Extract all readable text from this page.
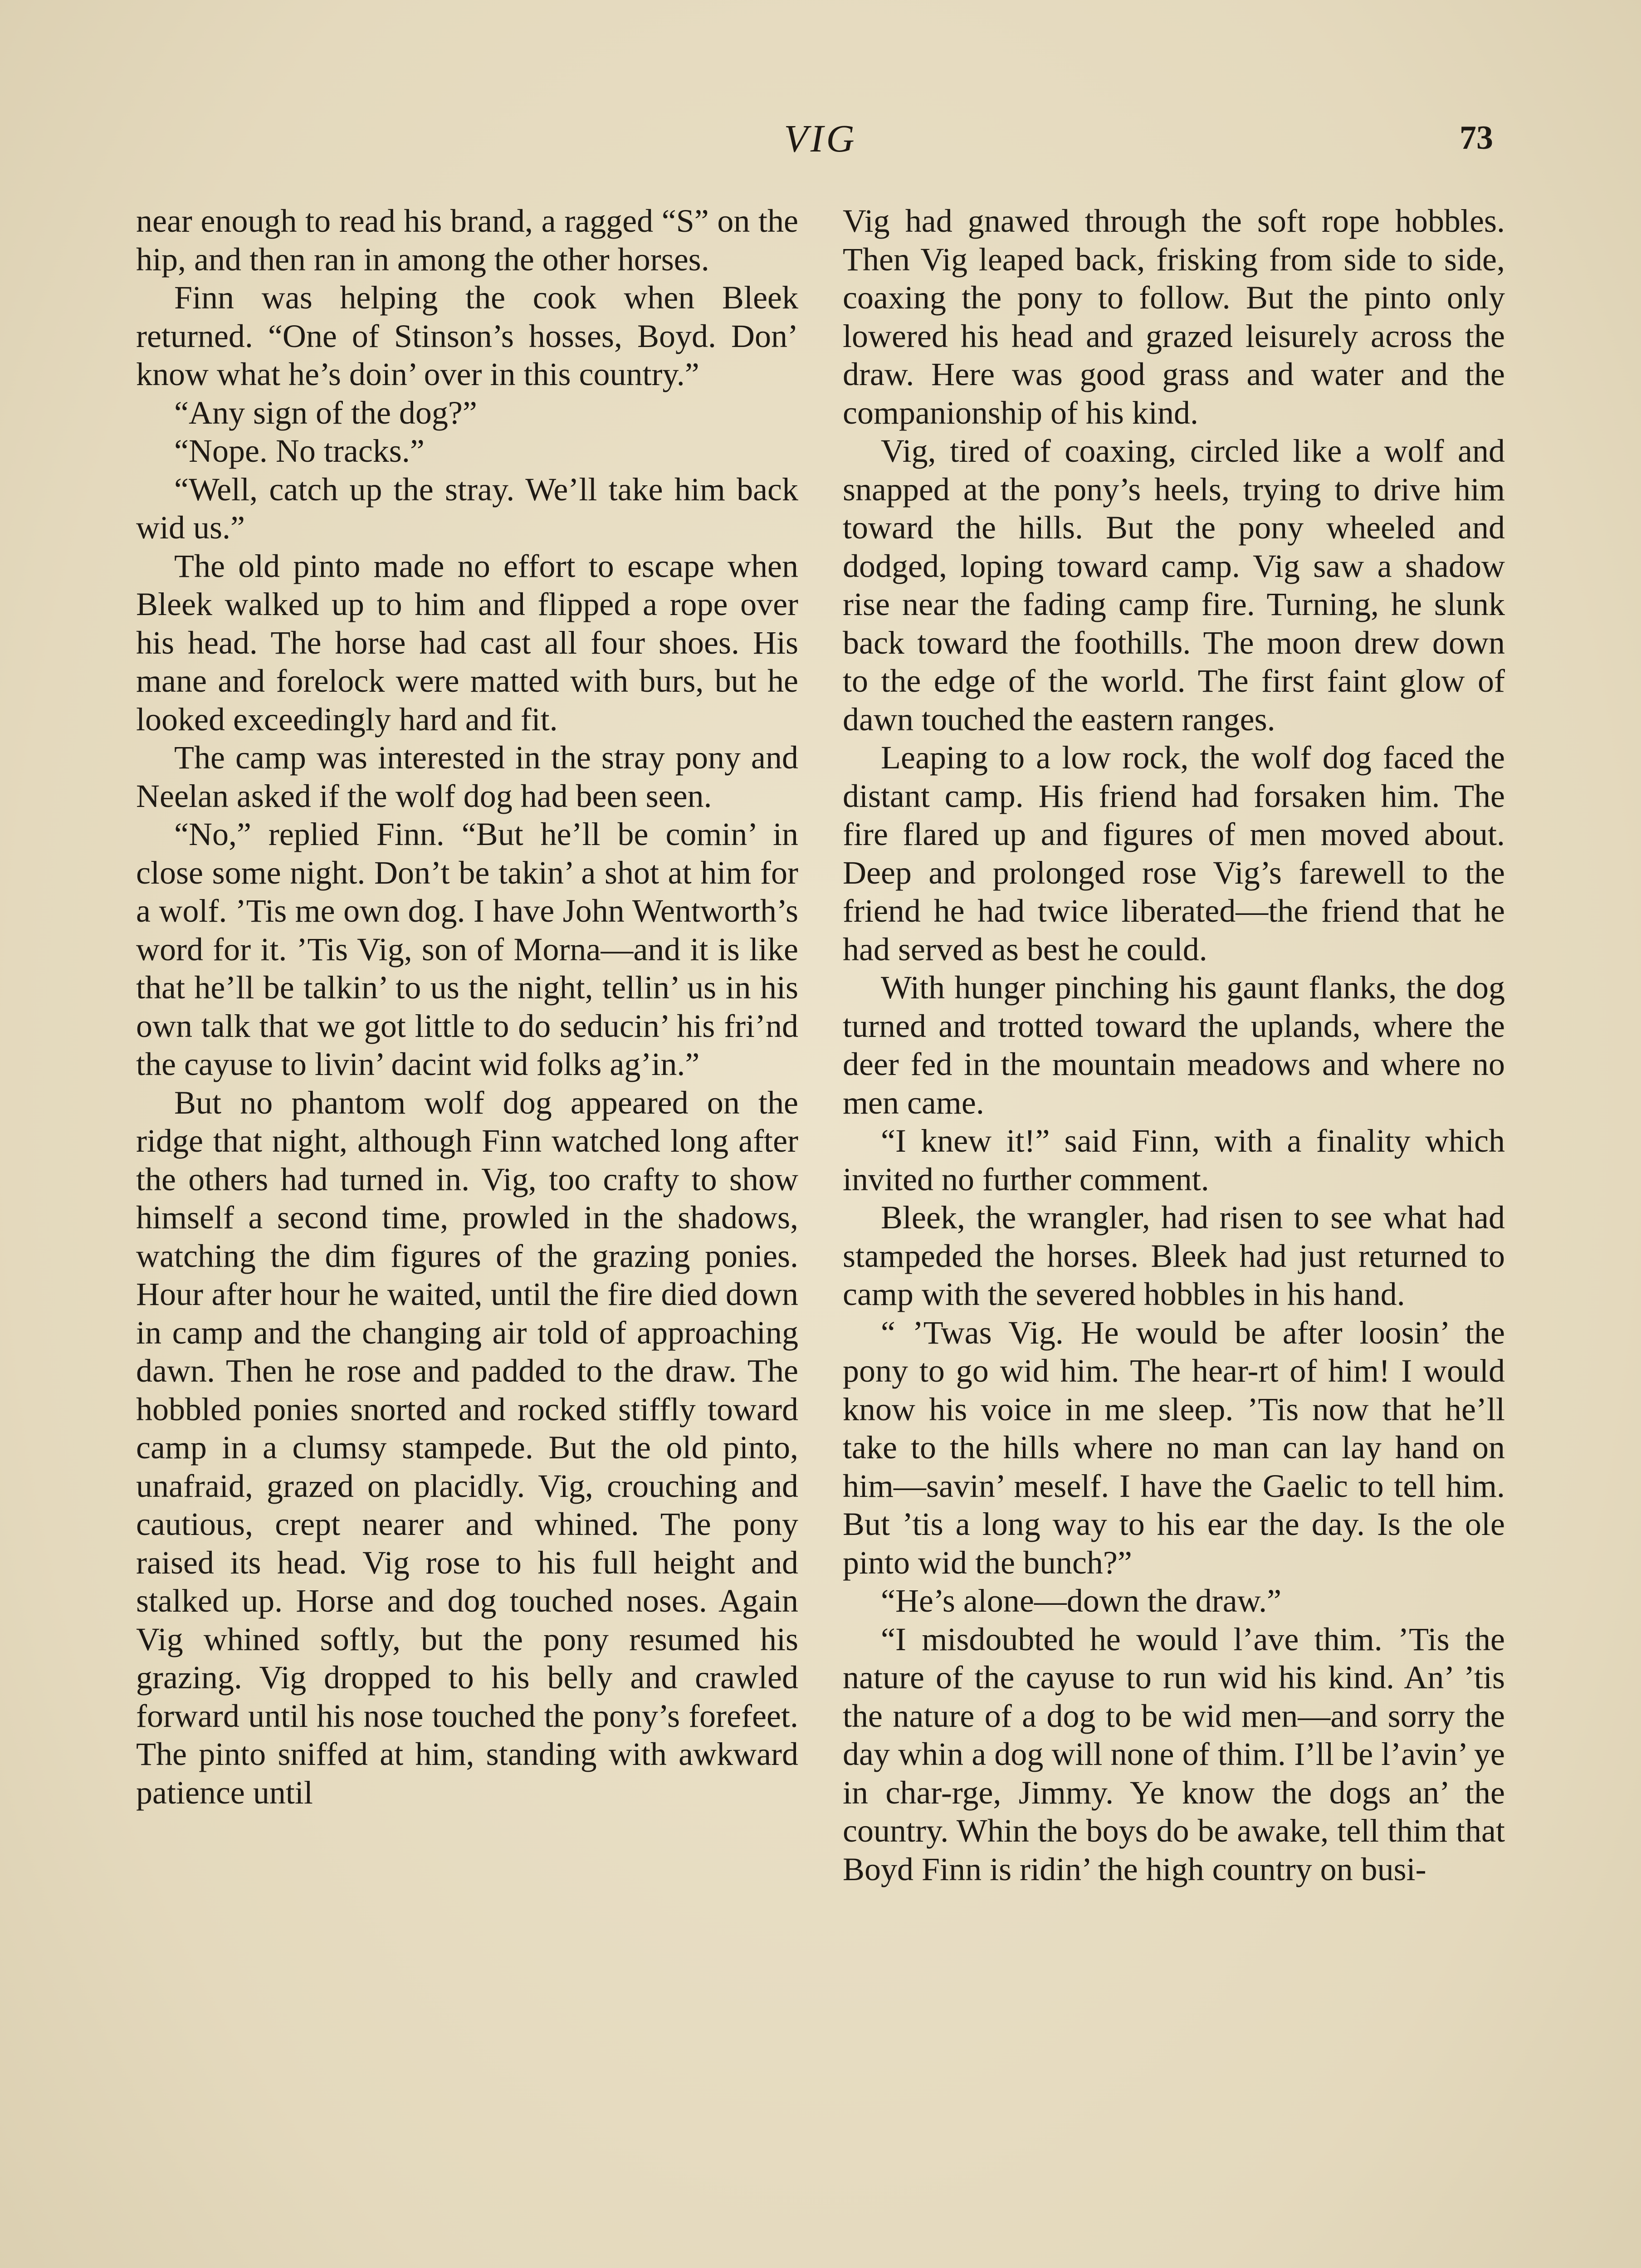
VIG	73

near enough to read his brand, a ragged “S” on the hip, and then ran in among the other horses.

Finn was helping the cook when Bleek returned. “One of Stinson’s hosses, Boyd. Don’ know what he’s doin’ over in this country.”

“Any sign of the dog?”

“Nope. No tracks.”

“Well, catch up the stray. We’ll take him back wid us.”

The old pinto made no effort to escape when Bleek walked up to him and flipped a rope over his head. The horse had cast all four shoes. His mane and forelock were matted with burs, but he looked exceedingly hard and fit.

The camp was interested in the stray pony and Neelan asked if the wolf dog had been seen.

“No,” replied Finn. “But he’ll be comin’ in close some night. Don’t be takin’ a shot at him for a wolf. ’Tis me own dog. I have John Wentworth’s word for it. ’Tis Vig, son of Morna—and it is like that he’ll be talkin’ to us the night, tellin’ us in his own talk that we got little to do seducin’ his fri’nd the cayuse to livin’ dacint wid folks ag’in.”

But no phantom wolf dog appeared on the ridge that night, although Finn watched long after the others had turned in. Vig, too crafty to show himself a second time, prowled in the shadows, watching the dim figures of the grazing ponies. Hour after hour he waited, until the fire died down in camp and the changing air told of approaching dawn. Then he rose and padded to the draw. The hobbled ponies snorted and rocked stiffly toward camp in a clumsy stampede. But the old pinto, unafraid, grazed on placidly. Vig, crouching and cautious, crept nearer and whined. The pony raised its head. Vig rose to his full height and stalked up. Horse and dog touched noses. Again Vig whined softly, but the pony resumed his grazing. Vig dropped to his belly and crawled forward until his nose touched the pony’s forefeet. The pinto sniffed at him, standing with awkward patience until

Vig had gnawed through the soft rope hobbles. Then Vig leaped back, frisking from side to side, coaxing the pony to follow. But the pinto only lowered his head and grazed leisurely across the draw. Here was good grass and water and the companionship of his kind.

Vig, tired of coaxing, circled like a wolf and snapped at the pony’s heels, trying to drive him toward the hills. But the pony wheeled and dodged, loping toward camp. Vig saw a shadow rise near the fading camp fire. Turning, he slunk back toward the foothills. The moon drew down to the edge of the world. The first faint glow of dawn touched the eastern ranges.

Leaping to a low rock, the wolf dog faced the distant camp. His friend had forsaken him. The fire flared up and figures of men moved about. Deep and prolonged rose Vig’s farewell to the friend he had twice liberated—the friend that he had served as best he could.

With hunger pinching his gaunt flanks, the dog turned and trotted toward the uplands, where the deer fed in the mountain meadows and where no men came.

“I knew it!” said Finn, with a finality which invited no further comment.

Bleek, the wrangler, had risen to see what had stampeded the horses. Bleek had just returned to camp with the severed hobbles in his hand.

“ ’Twas Vig. He would be after loosin’ the pony to go wid him. The hear-rt of him! I would know his voice in me sleep. ’Tis now that he’ll take to the hills where no man can lay hand on him—savin’ meself. I have the Gaelic to tell him. But ’tis a long way to his ear the day. Is the ole pinto wid the bunch?”

“He’s alone—down the draw.”

“I misdoubted he would l’ave thim. ’Tis the nature of the cayuse to run wid his kind. An’ ’tis the nature of a dog to be wid men—and sorry the day whin a dog will none of thim. I’ll be l’avin’ ye in char-rge, Jimmy. Ye know the dogs an’ the country. Whin the boys do be awake, tell thim that Boyd Finn is ridin’ the high country on busi-
